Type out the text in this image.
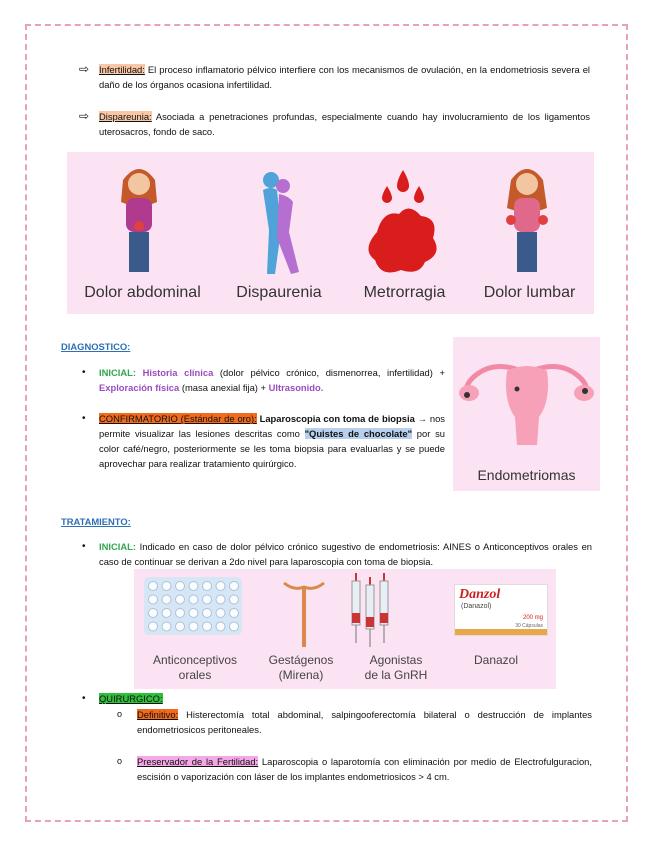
⇨ Infertilidad: El proceso inflamatorio pélvico interfiere con los mecanismos de ovulación, en la endometriosis severa el daño de los órganos ocasiona infertilidad.

⇨ Dispareunia: Asociada a penetraciones profundas, especialmente cuando hay involucramiento de los ligamentos uterosacros, fondo de saco.

Dolor abdominal	Dispaurenia	Metrorragia	Dolor lumbar
DIAGNOSTICO:
• INICIAL: Historia clínica (dolor pélvico crónico, dismenorrea, infertilidad) + Exploración física (masa anexial fija) + Ultrasonido.

• CONFIRMATORIO (Estándar de oro): Laparoscopia con toma de biopsia → nos permite visualizar las lesiones descritas como "Quistes de chocolate" por su color café/negro, posteriormente se les toma biopsia para evaluarlas y se puede aprovechar para realizar tratamiento quirúrgico.

Endometriomas
TRATAMIENTO:
• INICIAL: Indicado en caso de dolor pélvico crónico sugestivo de endometriosis: AINES o Anticonceptivos orales en caso de continuar se derivan a 2do nivel para laparoscopia con toma de biopsia.

Danzol
(Danazol)
200 mg
30 Cápsulas
Anticonceptivos
orales
Gestágenos
(Mirena)
Agonistas
de la GnRH
Danazol
• QUIRURGICO:

o Definitivo: Histerectomía total abdominal, salpingooferectomía bilateral o destrucción de implantes endometriosicos peritoneales.

o Preservador de la Fertilidad: Laparoscopia o laparotomía con eliminación por medio de Electrofulguracion, escisión o vaporización con láser de los implantes endometriosicos > 4 cm.
